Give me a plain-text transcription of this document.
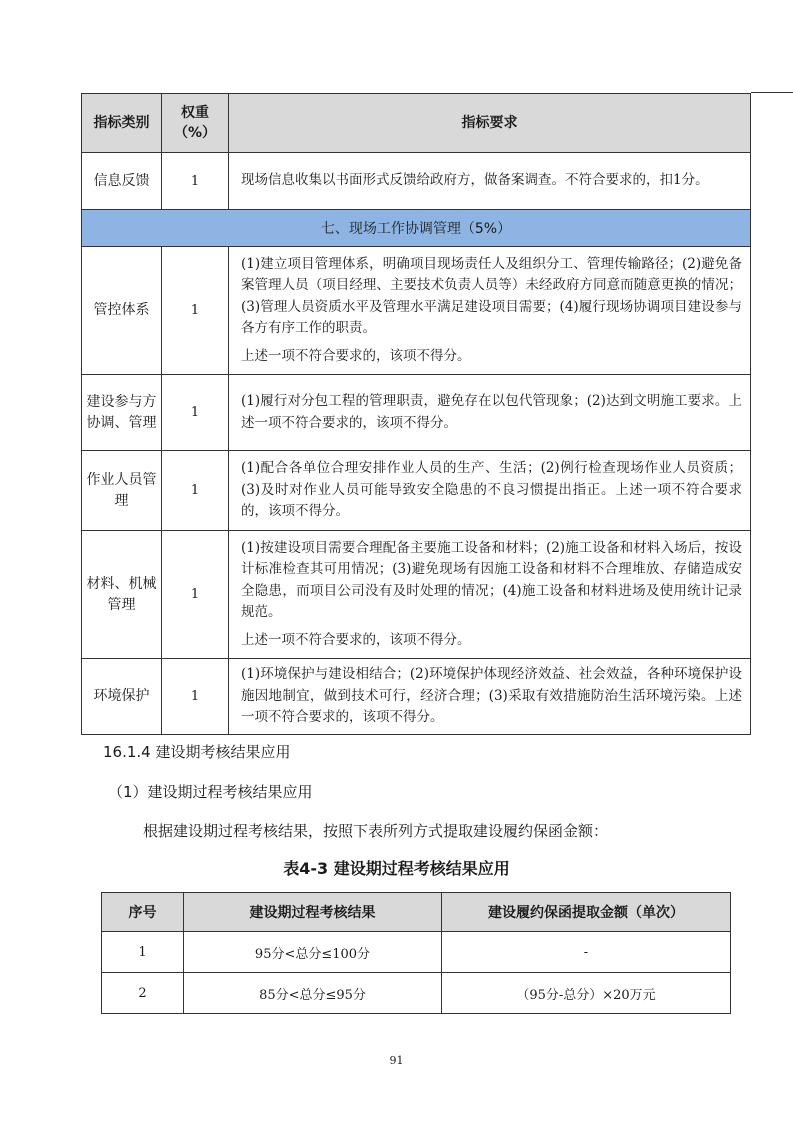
指标类别	权重（%）	指标要求
信息反馈	1	现场信息收集以书面形式反馈给政府方，做备案调查。不符合要求的，扣1分。

七、现场工作协调管理（5%）		
管控体系	1	(1)建立项目管理体系，明确项目现场责任人及组织分工、管理传输路径；(2)避免备案管理人员（项目经理、主要技术负责人员等）未经政府方同意而随意更换的情况；(3)管理人员资质水平及管理水平满足建设项目需要；(4)履行现场协调项目建设参与各方有序工作的职责。

上述一项不符合要求的，该项不得分。

建设参与方协调、管理	1	(1)履行对分包工程的管理职责，避免存在以包代管现象；(2)达到文明施工要求。上述一项不符合要求的，该项不得分。

作业人员管理	1	(1)配合各单位合理安排作业人员的生产、生活；(2)例行检查现场作业人员资质；(3)及时对作业人员可能导致安全隐患的不良习惯提出指正。上述一项不符合要求的，该项不得分。

材料、机械管理	1	(1)按建设项目需要合理配备主要施工设备和材料；(2)施工设备和材料入场后，按设计标准检查其可用情况；(3)避免现场有因施工设备和材料不合理堆放、存储造成安全隐患，而项目公司没有及时处理的情况；(4)施工设备和材料进场及使用统计记录规范。

上述一项不符合要求的，该项不得分。

环境保护	1	(1)环境保护与建设相结合；(2)环境保护体现经济效益、社会效益，各种环境保护设施因地制宜，做到技术可行，经济合理；(3)采取有效措施防治生活环境污染。上述一项不符合要求的，该项不得分。

16.1.4 建设期考核结果应用
（1）建设期过程考核结果应用
根据建设期过程考核结果，按照下表所列方式提取建设履约保函金额：
表4-3 建设期过程考核结果应用
序号	建设期过程考核结果	建设履约保函提取金额（单次）
1	95分<总分≤100分	-
2	85分<总分≤95分	（95分-总分）×20万元
91
